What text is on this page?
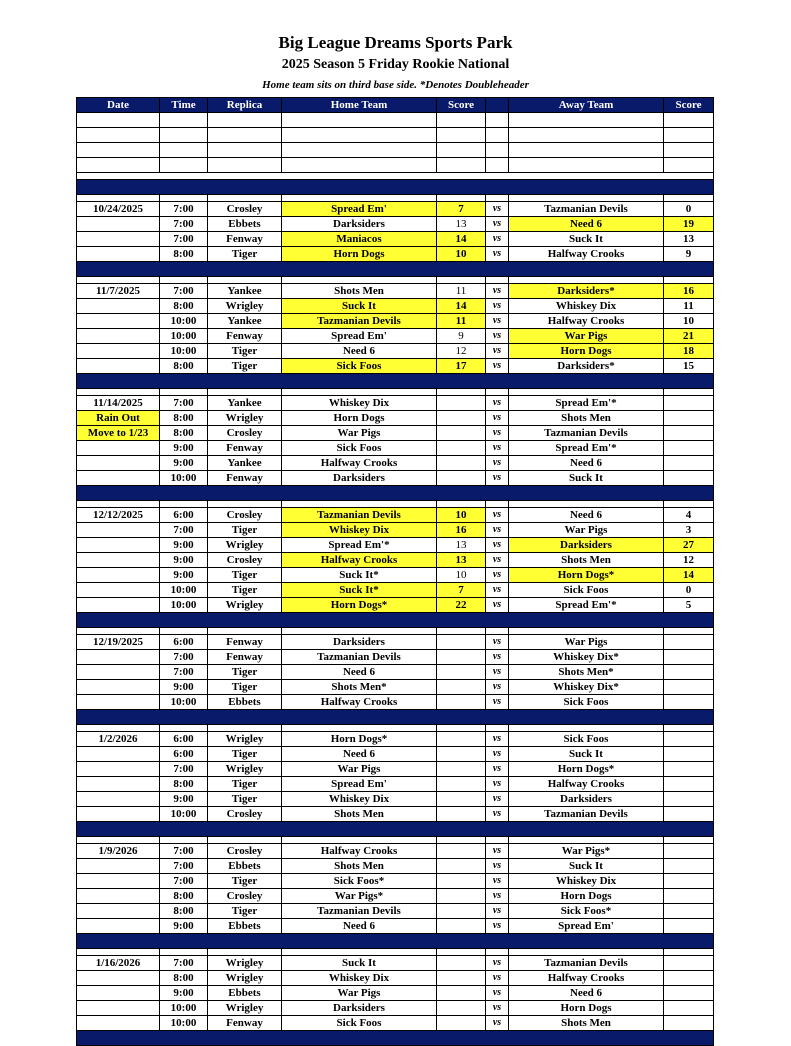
Big League Dreams Sports Park
2025 Season 5 Friday Rookie National
Home team sits on third base side. *Denotes Doubleheader
Date	Time	Replica	Home Team	Score		Away Team	Score

10/24/2025	7:00	Crosley	Spread Em'	7	vs	Tazmanian Devils	0
	7:00	Ebbets	Darksiders	13	vs	Need 6	19
	7:00	Fenway	Maniacos	14	vs	Suck It	13
	8:00	Tiger	Horn Dogs	10	vs	Halfway Crooks	9

11/7/2025	7:00	Yankee	Shots Men	11	vs	Darksiders*	16
	8:00	Wrigley	Suck It	14	vs	Whiskey Dix	11
	10:00	Yankee	Tazmanian Devils	11	vs	Halfway Crooks	10
	10:00	Fenway	Spread Em'	9	vs	War Pigs	21
	10:00	Tiger	Need 6	12	vs	Horn Dogs	18
	8:00	Tiger	Sick Foos	17	vs	Darksiders*	15

11/14/2025	7:00	Yankee	Whiskey Dix		vs	Spread Em'*	
Rain Out	8:00	Wrigley	Horn Dogs		vs	Shots Men	
Move to 1/23	8:00	Crosley	War Pigs		vs	Tazmanian Devils	
	9:00	Fenway	Sick Foos		vs	Spread Em'*	
	9:00	Yankee	Halfway Crooks		vs	Need 6	
	10:00	Fenway	Darksiders		vs	Suck It	

12/12/2025	6:00	Crosley	Tazmanian Devils	10	vs	Need 6	4
	7:00	Tiger	Whiskey Dix	16	vs	War Pigs	3
	9:00	Wrigley	Spread Em'*	13	vs	Darksiders	27
	9:00	Crosley	Halfway Crooks	13	vs	Shots Men	12
	9:00	Tiger	Suck It*	10	vs	Horn Dogs*	14
	10:00	Tiger	Suck It*	7	vs	Sick Foos	0
	10:00	Wrigley	Horn Dogs*	22	vs	Spread Em'*	5

12/19/2025	6:00	Fenway	Darksiders		vs	War Pigs	
	7:00	Fenway	Tazmanian Devils		vs	Whiskey Dix*	
	7:00	Tiger	Need 6		vs	Shots Men*	
	9:00	Tiger	Shots Men*		vs	Whiskey Dix*	
	10:00	Ebbets	Halfway Crooks		vs	Sick Foos	

1/2/2026	6:00	Wrigley	Horn Dogs*		vs	Sick Foos	
	6:00	Tiger	Need 6		vs	Suck It	
	7:00	Wrigley	War Pigs		vs	Horn Dogs*	
	8:00	Tiger	Spread Em'		vs	Halfway Crooks	
	9:00	Tiger	Whiskey Dix		vs	Darksiders	
	10:00	Crosley	Shots Men		vs	Tazmanian Devils	

1/9/2026	7:00	Crosley	Halfway Crooks		vs	War Pigs*	
	7:00	Ebbets	Shots Men		vs	Suck It	
	7:00	Tiger	Sick Foos*		vs	Whiskey Dix	
	8:00	Crosley	War Pigs*		vs	Horn Dogs	
	8:00	Tiger	Tazmanian Devils		vs	Sick Foos*	
	9:00	Ebbets	Need 6		vs	Spread Em'	

1/16/2026	7:00	Wrigley	Suck It		vs	Tazmanian Devils	
	8:00	Wrigley	Whiskey Dix		vs	Halfway Crooks	
	9:00	Ebbets	War Pigs		vs	Need 6	
	10:00	Wrigley	Darksiders		vs	Horn Dogs	
	10:00	Fenway	Sick Foos		vs	Shots Men	
